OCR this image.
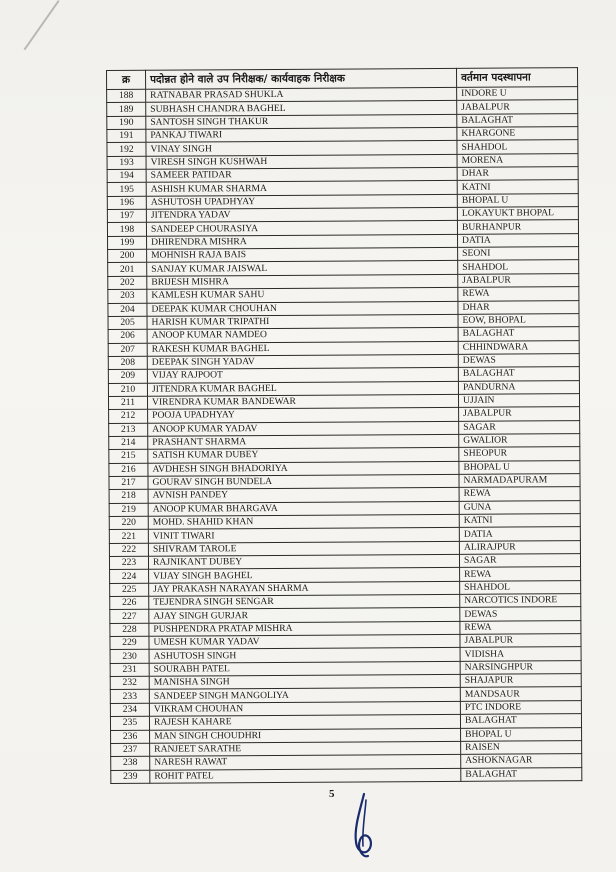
क्र	पदोन्नत होने वाले उप निरीक्षक/ कार्यवाहक निरीक्षक	वर्तमान पदस्थापना
188	RATNABAR PRASAD SHUKLA	INDORE U
189	SUBHASH CHANDRA BAGHEL	JABALPUR
190	SANTOSH SINGH THAKUR	BALAGHAT
191	PANKAJ TIWARI	KHARGONE
192	VINAY SINGH	SHAHDOL
193	VIRESH SINGH KUSHWAH	MORENA
194	SAMEER PATIDAR	DHAR
195	ASHISH KUMAR SHARMA	KATNI
196	ASHUTOSH UPADHYAY	BHOPAL U
197	JITENDRA YADAV	LOKAYUKT BHOPAL
198	SANDEEP CHOURASIYA	BURHANPUR
199	DHIRENDRA MISHRA	DATIA
200	MOHNISH RAJA BAIS	SEONI
201	SANJAY KUMAR JAISWAL	SHAHDOL
202	BRIJESH MISHRA	JABALPUR
203	KAMLESH KUMAR SAHU	REWA
204	DEEPAK KUMAR CHOUHAN	DHAR
205	HARISH KUMAR TRIPATHI	EOW, BHOPAL
206	ANOOP KUMAR NAMDEO	BALAGHAT
207	RAKESH KUMAR BAGHEL	CHHINDWARA
208	DEEPAK SINGH YADAV	DEWAS
209	VIJAY RAJPOOT	BALAGHAT
210	JITENDRA KUMAR BAGHEL	PANDURNA
211	VIRENDRA KUMAR BANDEWAR	UJJAIN
212	POOJA UPADHYAY	JABALPUR
213	ANOOP KUMAR YADAV	SAGAR
214	PRASHANT SHARMA	GWALIOR
215	SATISH KUMAR DUBEY	SHEOPUR
216	AVDHESH SINGH BHADORIYA	BHOPAL U
217	GOURAV SINGH BUNDELA	NARMADAPURAM
218	AVNISH PANDEY	REWA
219	ANOOP KUMAR BHARGAVA	GUNA
220	MOHD. SHAHID KHAN	KATNI
221	VINIT TIWARI	DATIA
222	SHIVRAM TAROLE	ALIRAJPUR
223	RAJNIKANT DUBEY	SAGAR
224	VIJAY SINGH BAGHEL	REWA
225	JAY PRAKASH NARAYAN SHARMA	SHAHDOL
226	TEJENDRA SINGH SENGAR	NARCOTICS INDORE
227	AJAY SINGH GURJAR	DEWAS
228	PUSHPENDRA PRATAP MISHRA	REWA
229	UMESH KUMAR YADAV	JABALPUR
230	ASHUTOSH SINGH	VIDISHA
231	SOURABH PATEL	NARSINGHPUR
232	MANISHA SINGH	SHAJAPUR
233	SANDEEP SINGH MANGOLIYA	MANDSAUR
234	VIKRAM CHOUHAN	PTC INDORE
235	RAJESH KAHARE	BALAGHAT
236	MAN SINGH CHOUDHRI	BHOPAL U
237	RANJEET SARATHE	RAISEN
238	NARESH RAWAT	ASHOKNAGAR
239	ROHIT PATEL	BALAGHAT
5
